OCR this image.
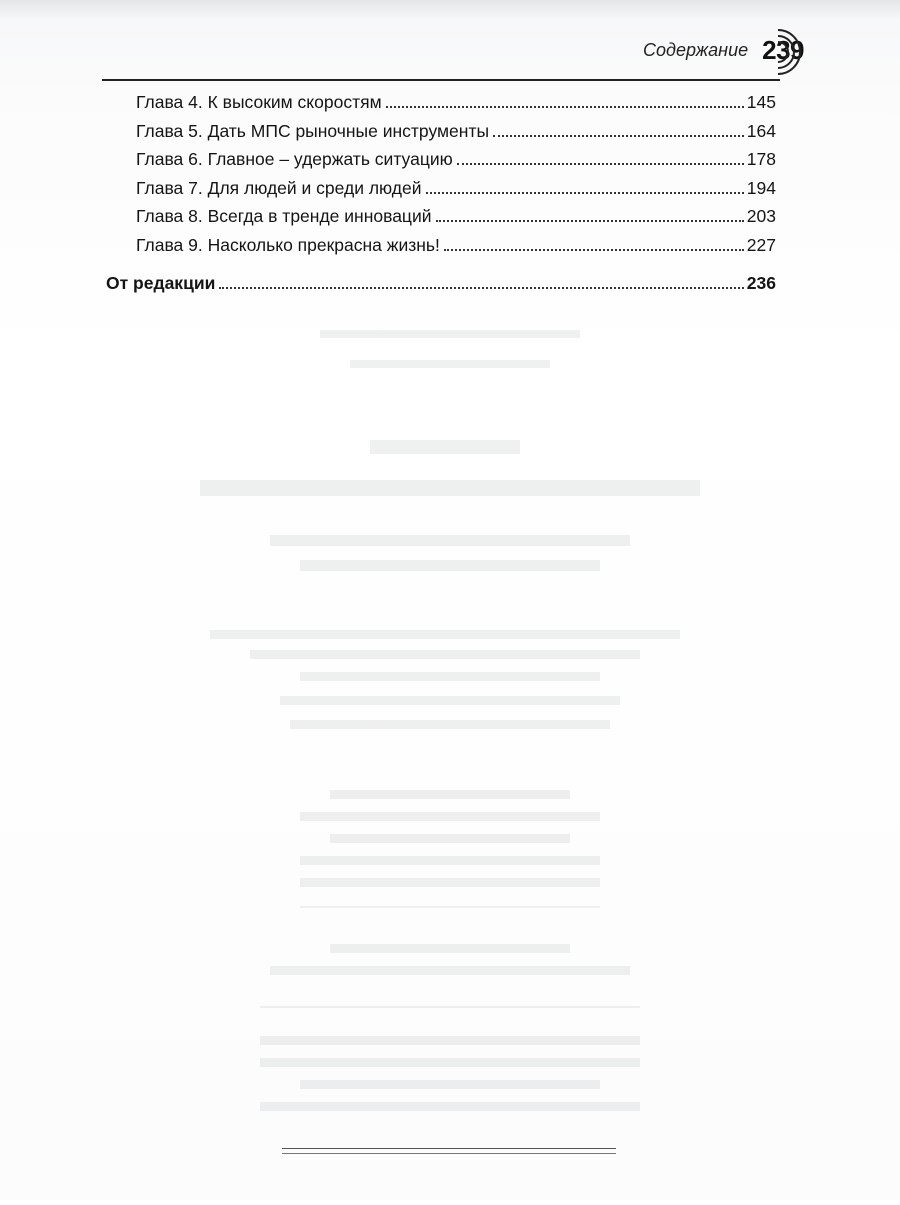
Содержание 239
Глава 4. К высоким скоростям	145
Глава 5. Дать МПС рыночные инструменты	164
Глава 6. Главное – удержать ситуацию	178
Глава 7. Для людей и среди людей	194
Глава 8. Всегда в тренде инноваций	203
Глава 9. Насколько прекрасна жизнь!	227
От редакции	236
